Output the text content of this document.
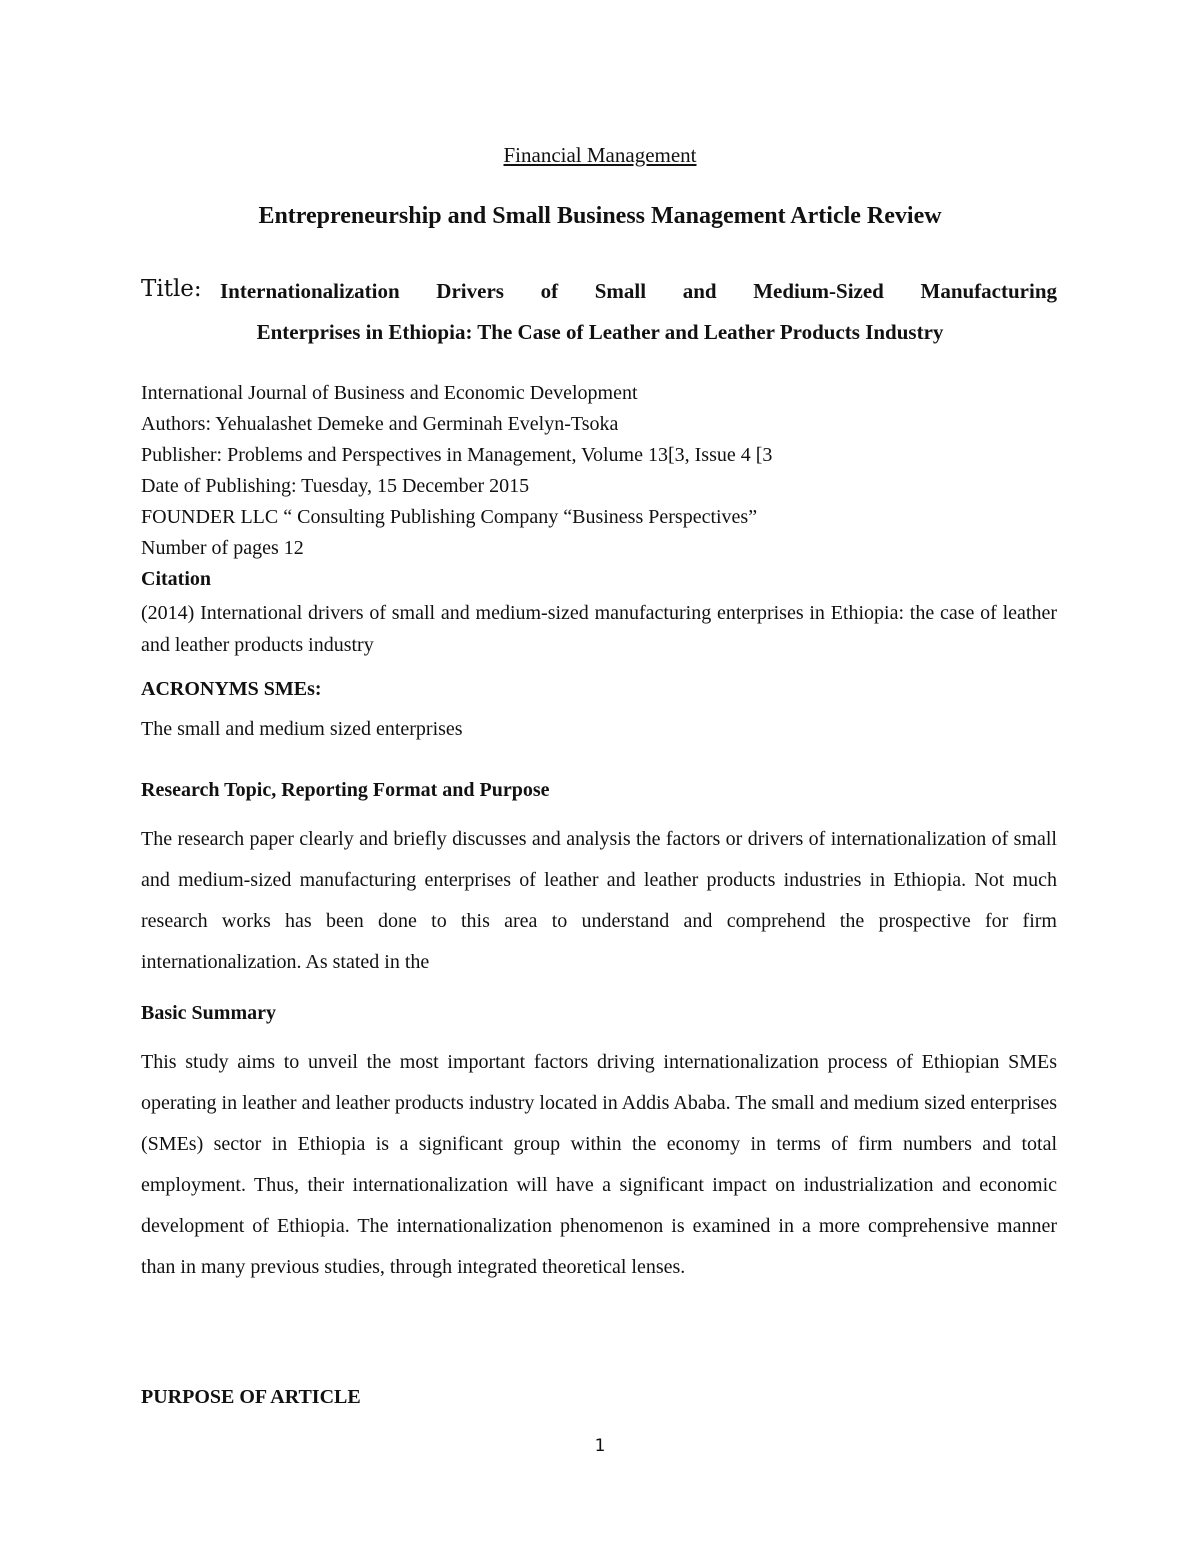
Financial Management
Entrepreneurship and Small Business Management Article Review
Title: Internationalization Drivers of Small and Medium-Sized Manufacturing
Enterprises in Ethiopia: The Case of Leather and Leather Products Industry
International Journal of Business and Economic Development
Authors: Yehualashet Demeke and Germinah Evelyn-Tsoka
Publisher: Problems and Perspectives in Management, Volume 13[3, Issue 4 [3
Date of Publishing: Tuesday, 15 December 2015
FOUNDER LLC “ Consulting Publishing Company “Business Perspectives”
Number of pages 12
Citation
(2014) International drivers of small and medium-sized manufacturing enterprises in Ethiopia: the case of leather and leather products industry
ACRONYMS SMEs:
The small and medium sized enterprises
Research Topic, Reporting Format and Purpose
The research paper clearly and briefly discusses and analysis the factors or drivers of internationalization of small and medium-sized manufacturing enterprises of leather and leather products industries in Ethiopia. Not much research works has been done to this area to understand and comprehend the prospective for firm internationalization. As stated in the
Basic Summary
This study aims to unveil the most important factors driving internationalization process of Ethiopian SMEs operating in leather and leather products industry located in Addis Ababa. The small and medium sized enterprises (SMEs) sector in Ethiopia is a significant group within the economy in terms of firm numbers and total employment. Thus, their internationalization will have a significant impact on industrialization and economic development of Ethiopia. The internationalization phenomenon is examined in a more comprehensive manner than in many previous studies, through integrated theoretical lenses.
PURPOSE OF ARTICLE
1
